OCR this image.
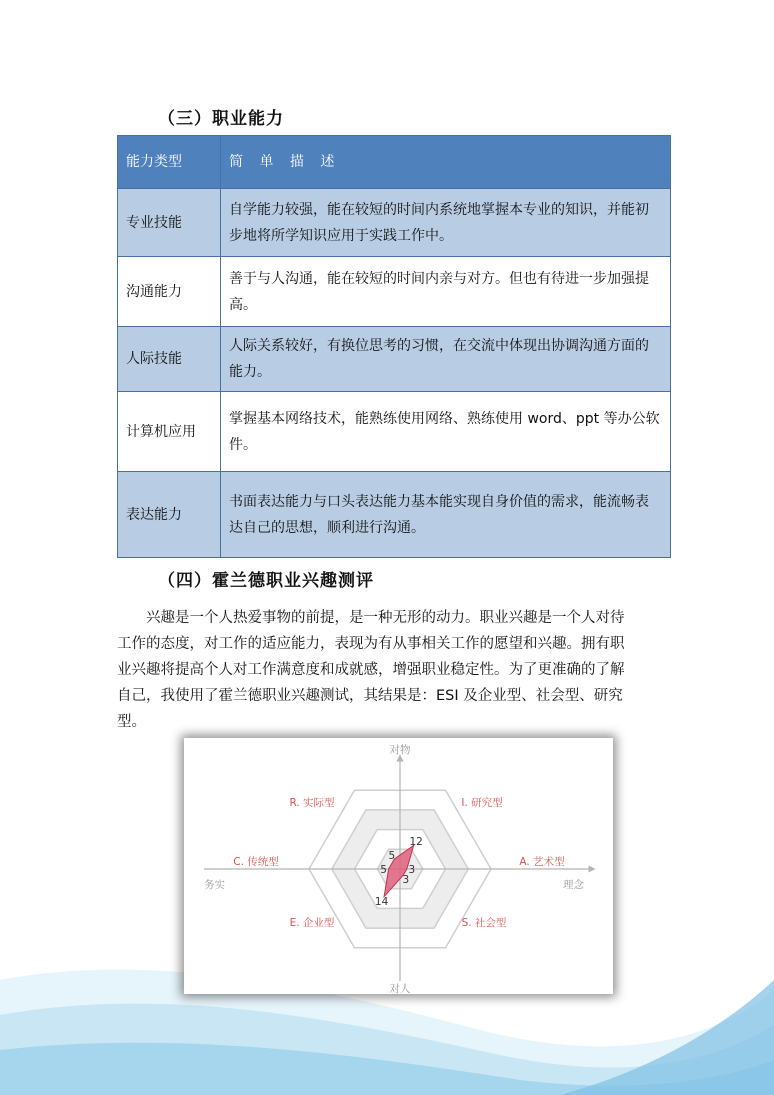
（三）职业能力
能力类型	简 单 描 述
专业技能	自学能力较强，能在较短的时间内系统地掌握本专业的知识，并能初步地将所学知识应用于实践工作中。
沟通能力	善于与人沟通，能在较短的时间内亲与对方。但也有待进一步加强提高。
人际技能	人际关系较好，有换位思考的习惯，在交流中体现出协调沟通方面的能力。
计算机应用	掌握基本网络技术，能熟练使用网络、熟练使用 word、ppt 等办公软件。
表达能力	书面表达能力与口头表达能力基本能实现自身价值的需求，能流畅表达自己的思想，顺利进行沟通。
（四）霍兰德职业兴趣测评
兴趣是一个人热爱事物的前提，是一种无形的动力。职业兴趣是一个人对待
工作的态度，对工作的适应能力，表现为有从事相关工作的愿望和兴趣。拥有职
业兴趣将提高个人对工作满意度和成就感，增强职业稳定性。为了更准确的了解
自己，我使用了霍兰德职业兴趣测试，其结果是：ESI 及企业型、社会型、研究
型。
12
3
3
14
5
5
对物
对人
务实	理念
I. 研究型
A. 艺术型
S. 社会型
E. 企业型
C. 传统型
R. 实际型
